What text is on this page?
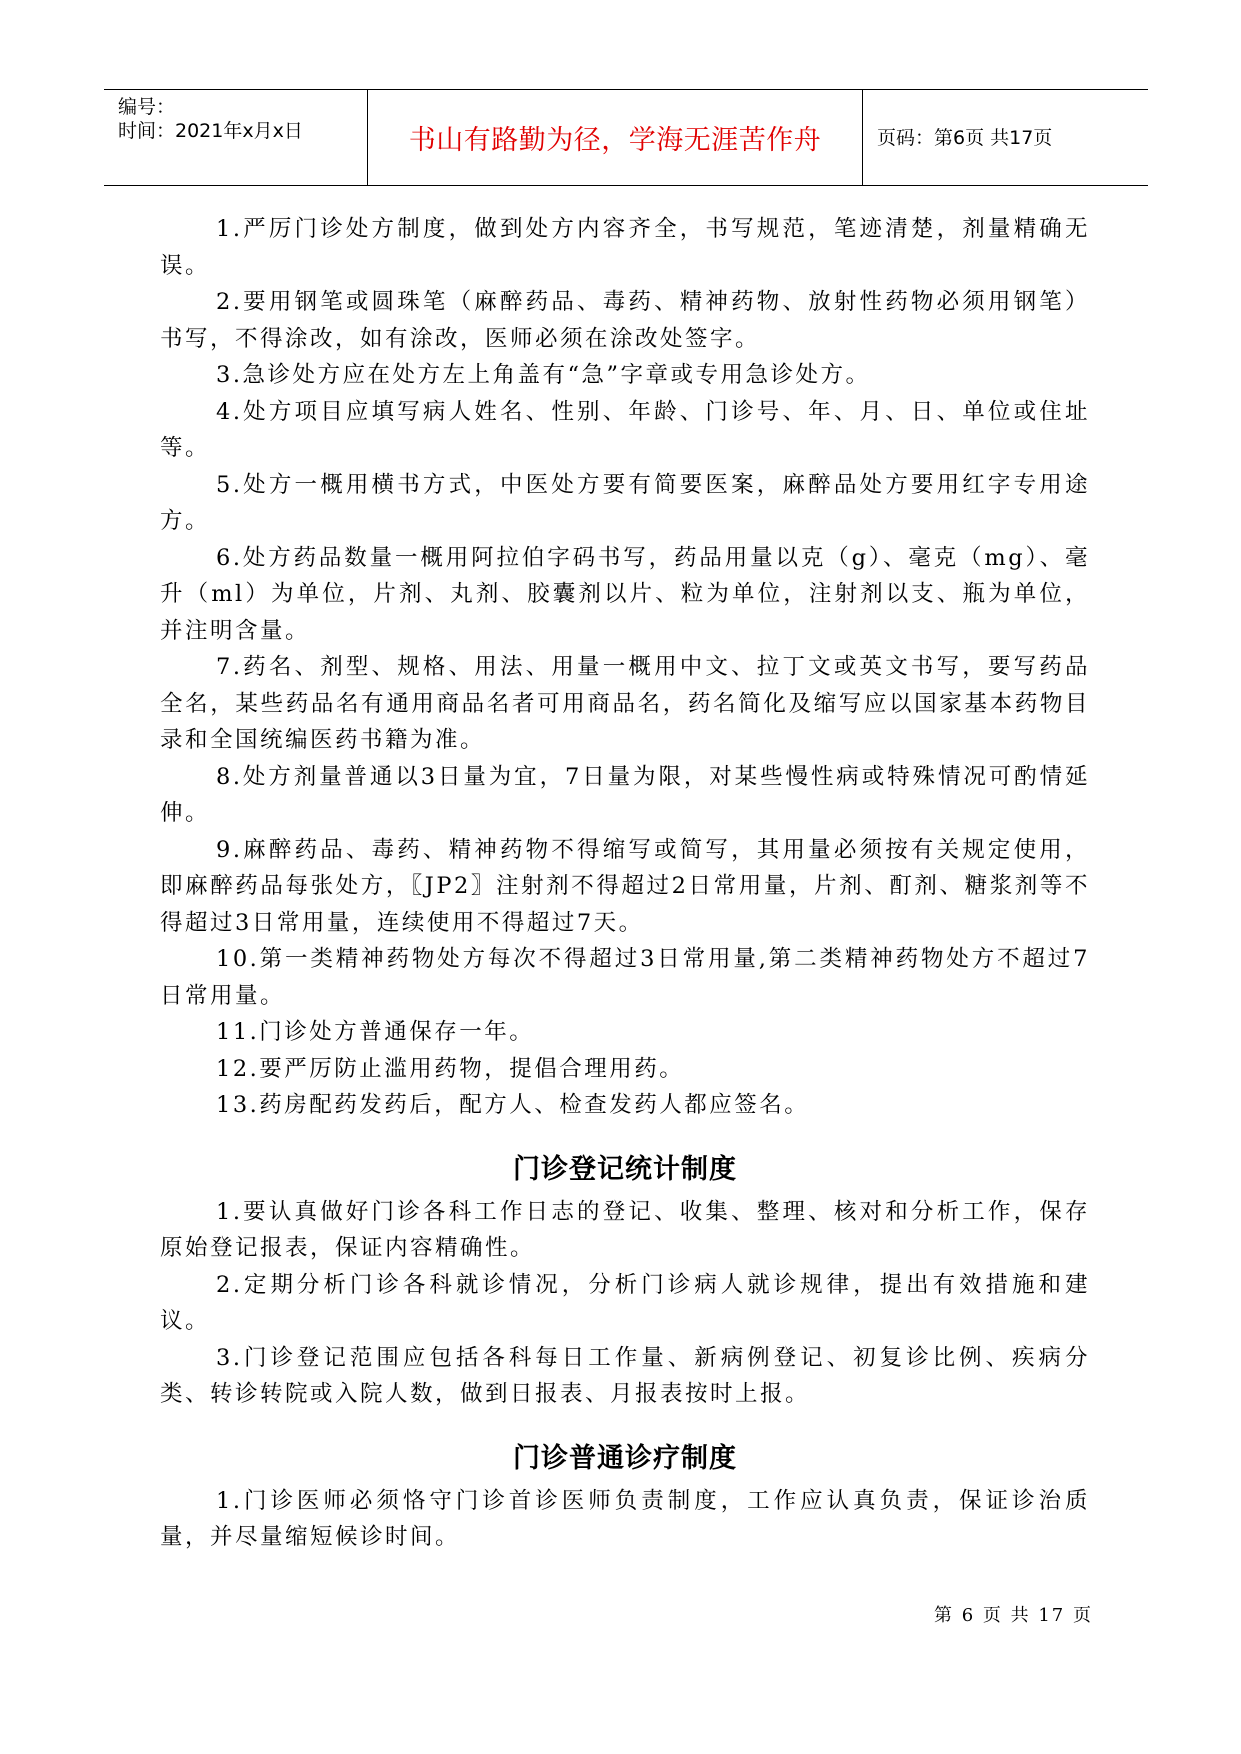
编号：
时间：2021年x月x日	书山有路勤为径，学海无涯苦作舟	页码：第6页 共17页

1.严厉门诊处方制度，做到处方内容齐全，书写规范，笔迹清楚，剂量精确无误。

2.要用钢笔或圆珠笔（麻醉药品、毒药、精神药物、放射性药物必须用钢笔）书写，不得涂改，如有涂改，医师必须在涂改处签字。

3.急诊处方应在处方左上角盖有“急”字章或专用急诊处方。

4.处方项目应填写病人姓名、性别、年龄、门诊号、年、月、日、单位或住址等。

5.处方一概用横书方式，中医处方要有简要医案，麻醉品处方要用红字专用途方。

6.处方药品数量一概用阿拉伯字码书写，药品用量以克（g）、毫克（mg）、毫升（ml）为单位，片剂、丸剂、胶囊剂以片、粒为单位，注射剂以支、瓶为单位，并注明含量。

7.药名、剂型、规格、用法、用量一概用中文、拉丁文或英文书写，要写药品全名，某些药品名有通用商品名者可用商品名，药名简化及缩写应以国家基本药物目录和全国统编医药书籍为准。

8.处方剂量普通以3日量为宜，7日量为限，对某些慢性病或特殊情况可酌情延伸。

9.麻醉药品、毒药、精神药物不得缩写或简写，其用量必须按有关规定使用，即麻醉药品每张处方，〖JP2〗注射剂不得超过2日常用量，片剂、酊剂、糖浆剂等不得超过3日常用量，连续使用不得超过7天。

10.第一类精神药物处方每次不得超过3日常用量,第二类精神药物处方不超过7日常用量。

11.门诊处方普通保存一年。

12.要严厉防止滥用药物，提倡合理用药。

13.药房配药发药后，配方人、检查发药人都应签名。

门诊登记统计制度

1.要认真做好门诊各科工作日志的登记、收集、整理、核对和分析工作，保存原始登记报表，保证内容精确性。

2.定期分析门诊各科就诊情况，分析门诊病人就诊规律，提出有效措施和建议。

3.门诊登记范围应包括各科每日工作量、新病例登记、初复诊比例、疾病分类、转诊转院或入院人数，做到日报表、月报表按时上报。

门诊普通诊疗制度

1.门诊医师必须恪守门诊首诊医师负责制度，工作应认真负责，保证诊治质量，并尽量缩短候诊时间。

第 6 页 共 17 页
